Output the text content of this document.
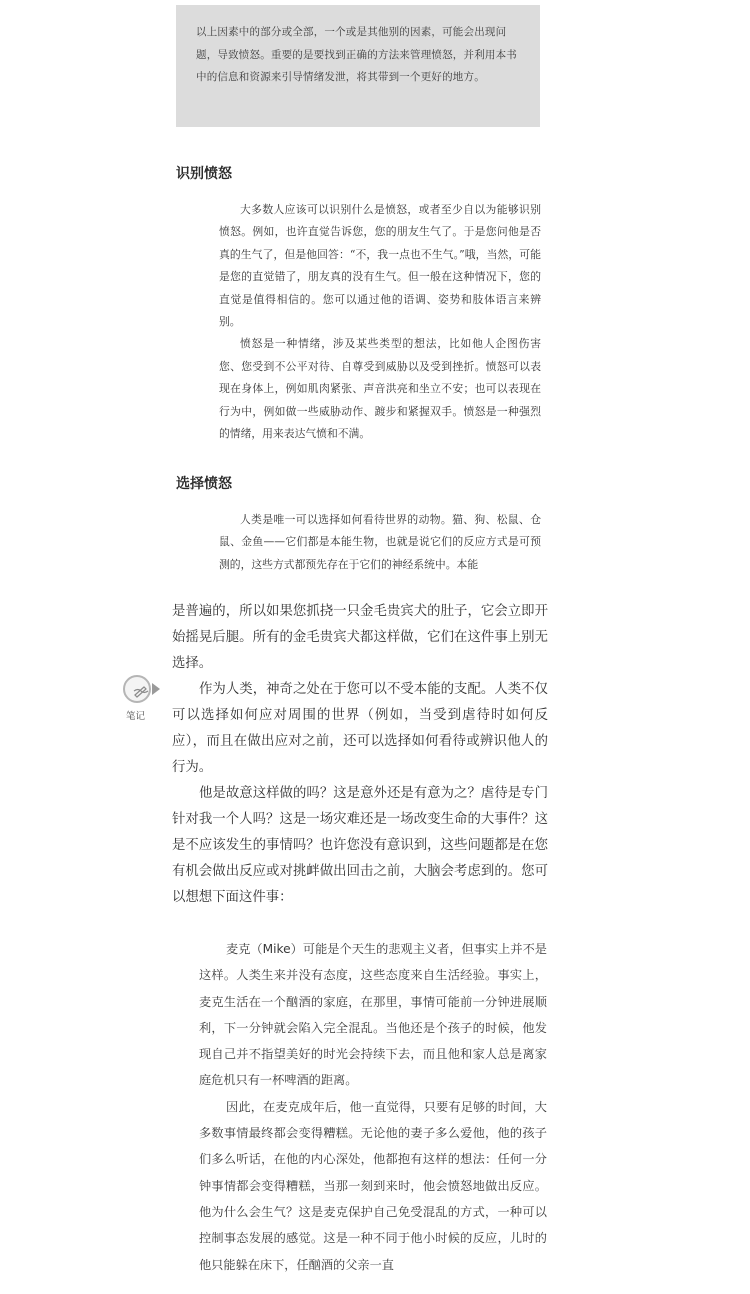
以上因素中的部分或全部，一个或是其他别的因素，可能会出现问题，导致愤怒。重要的是要找到正确的方法来管理愤怒，并利用本书中的信息和资源来引导情绪发泄，将其带到一个更好的地方。
识别愤怒

大多数人应该可以识别什么是愤怒，或者至少自以为能够识别愤怒。例如，也许直觉告诉您，您的朋友生气了。于是您问他是否真的生气了，但是他回答：“不，我一点也不生气。”哦，当然，可能是您的直觉错了，朋友真的没有生气。但一般在这种情况下，您的直觉是值得相信的。您可以通过他的语调、姿势和肢体语言来辨别。

愤怒是一种情绪，涉及某些类型的想法，比如他人企图伤害您、您受到不公平对待、自尊受到威胁以及受到挫折。愤怒可以表现在身体上，例如肌肉紧张、声音洪亮和坐立不安；也可以表现在行为中，例如做一些威胁动作、踱步和紧握双手。愤怒是一种强烈的情绪，用来表达气愤和不满。

选择愤怒

人类是唯一可以选择如何看待世界的动物。猫、狗、松鼠、仓鼠、金鱼——它们都是本能生物，也就是说它们的反应方式是可预测的，这些方式都预先存在于它们的神经系统中。本能

是普遍的，所以如果您抓挠一只金毛贵宾犬的肚子，它会立即开始摇晃后腿。所有的金毛贵宾犬都这样做，它们在这件事上别无选择。

作为人类，神奇之处在于您可以不受本能的支配。人类不仅可以选择如何应对周围的世界（例如，当受到虐待时如何反应），而且在做出应对之前，还可以选择如何看待或辨识他人的行为。

他是故意这样做的吗？这是意外还是有意为之？虐待是专门针对我一个人吗？这是一场灾难还是一场改变生命的大事件？这是不应该发生的事情吗？也许您没有意识到，这些问题都是在您有机会做出反应或对挑衅做出回击之前，大脑会考虑到的。您可以想想下面这件事：

笔记

麦克（Mike）可能是个天生的悲观主义者，但事实上并不是这样。人类生来并没有态度，这些态度来自生活经验。事实上，麦克生活在一个酗酒的家庭，在那里，事情可能前一分钟进展顺利，下一分钟就会陷入完全混乱。当他还是个孩子的时候，他发现自己并不指望美好的时光会持续下去，而且他和家人总是离家庭危机只有一杯啤酒的距离。

因此，在麦克成年后，他一直觉得，只要有足够的时间，大多数事情最终都会变得糟糕。无论他的妻子多么爱他，他的孩子们多么听话，在他的内心深处，他都抱有这样的想法：任何一分钟事情都会变得糟糕，当那一刻到来时，他会愤怒地做出反应。他为什么会生气？这是麦克保护自己免受混乱的方式，一种可以控制事态发展的感觉。这是一种不同于他小时候的反应，儿时的他只能躲在床下，任酗酒的父亲一直
